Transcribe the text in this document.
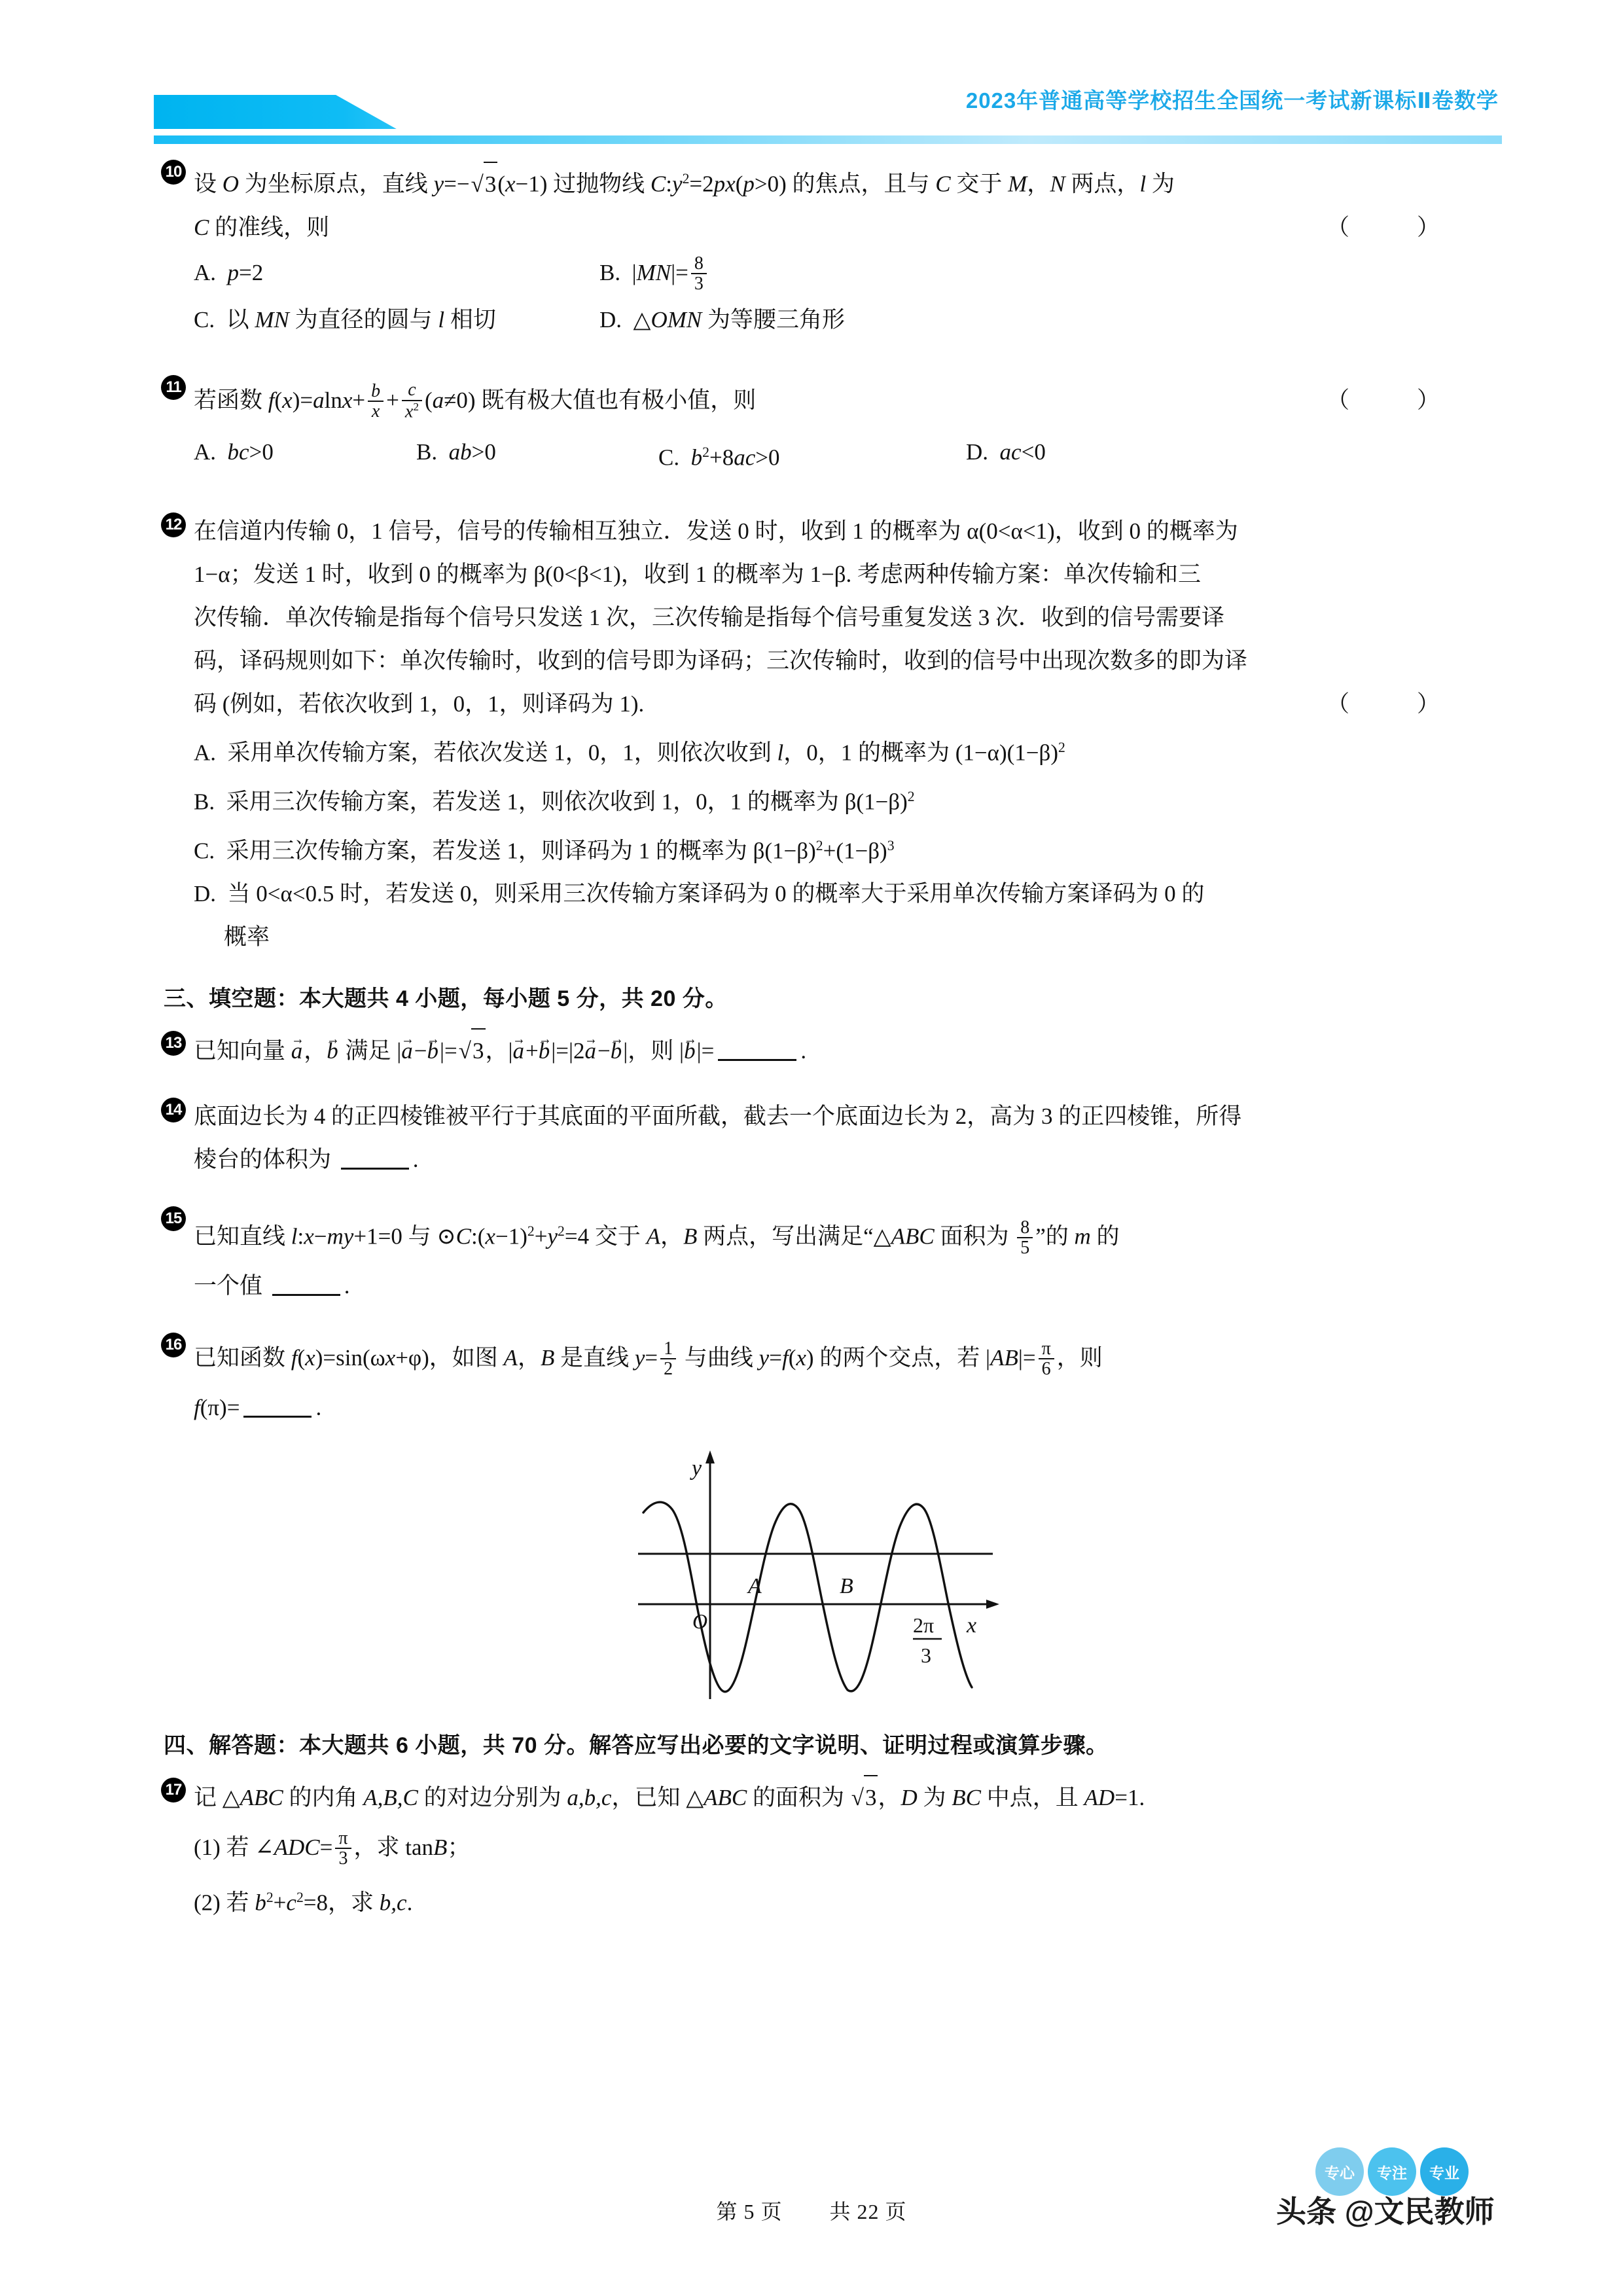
2023年普通高等学校招生全国统一考试新课标Ⅱ卷数学
10 设 O 为坐标原点，直线 y=−√3(x−1) 过抛物线 $C:y^2=2px(p>0)$ 的焦点，且与 C 交于 M，N 两点，l 为
C 的准线，则	（　）
A.  p=2	B.  $|MN|= \frac{8}{3}$
C.  以 MN 为直径的圆与 l 相切	D.  △OMN 为等腰三角形
11
若函数 $f(x)=alnx+ \frac{b}{x} + \frac{c}{x^2} (a\ne 0)$ 既有极大值也有极小值，则	（　）
A.  bc>0	B.  ab>0	C.  $b^2+8ac>0$	D.  ac<0
12 在信道内传输 0，1 信号，信号的传输相互独立．发送 0 时，收到 1 的概率为 α(0<α<1)，收到 0 的概率为
1−α；发送 1 时，收到 0 的概率为 β(0<β<1)，收到 1 的概率为 1−β. 考虑两种传输方案：单次传输和三
次传输．单次传输是指每个信号只发送 1 次，三次传输是指每个信号重复发送 3 次．收到的信号需要译
码，译码规则如下：单次传输时，收到的信号即为译码；三次传输时，收到的信号中出现次数多的即为译
码 (例如，若依次收到 1，0，1，则译码为 1).	（　）
A.  采用单次传输方案，若依次发送 1，0，1，则依次收到 l，0，1 的概率为 $(1-\alpha)(1-\beta)^2$
B.  采用三次传输方案，若发送 1，则依次收到 1，0，1 的概率为 $\beta(1-\beta)^2$
C.  采用三次传输方案，若发送 1，则译码为 1 的概率为 $\beta(1-\beta)^2+(1-\beta)^3$
D.  当 0<α<0.5 时，若发送 0，则采用三次传输方案译码为 0 的概率大于采用单次传输方案译码为 0 的
概率
三、填空题：本大题共 4 小题，每小题 5 分，共 20 分。
13 已知向量 a →，b → 满足 |a →−b →|=√3，|a →+b →|=|2a →−b →|，则 |b →|=	.
14 底面边长为 4 的正四棱锥被平行于其底面的平面所截，截去一个底面边长为 2，高为 3 的正四棱锥，所得
棱台的体积为	.
15
已知直线 l:x−my+1=0 与 $⊙C:(x-1)^2+y^2=4$ 交于 A，B 两点，写出满足“△ABC 面积为 $\frac{8}{5}$ ”的 m 的
一个值	.
16
已知函数 f(x)=sin(ωx+φ)，如图 A，B 是直线 $y= \frac{1}{2}$ 与曲线 y=f(x) 的两个交点，若 $|AB|= \frac{\pi}{6}$ ，则
f(π)=	.
y
x
O
A	B
2π
3
四、解答题：本大题共 6 小题，共 70 分。解答应写出必要的文字说明、证明过程或演算步骤。
17 记 △ABC 的内角 A,B,C 的对边分别为 a,b,c，已知 △ABC 的面积为 √3，D 为 BC 中点，且 AD=1.
(1) 若 ∠ADC= $\frac{\pi}{3}$ ，求 tanB；
(2) 若 $b^2+c^2=8$，求 b,c.
第 5 页 共 22 页
专心	专注	专业
头条 @文民教师
